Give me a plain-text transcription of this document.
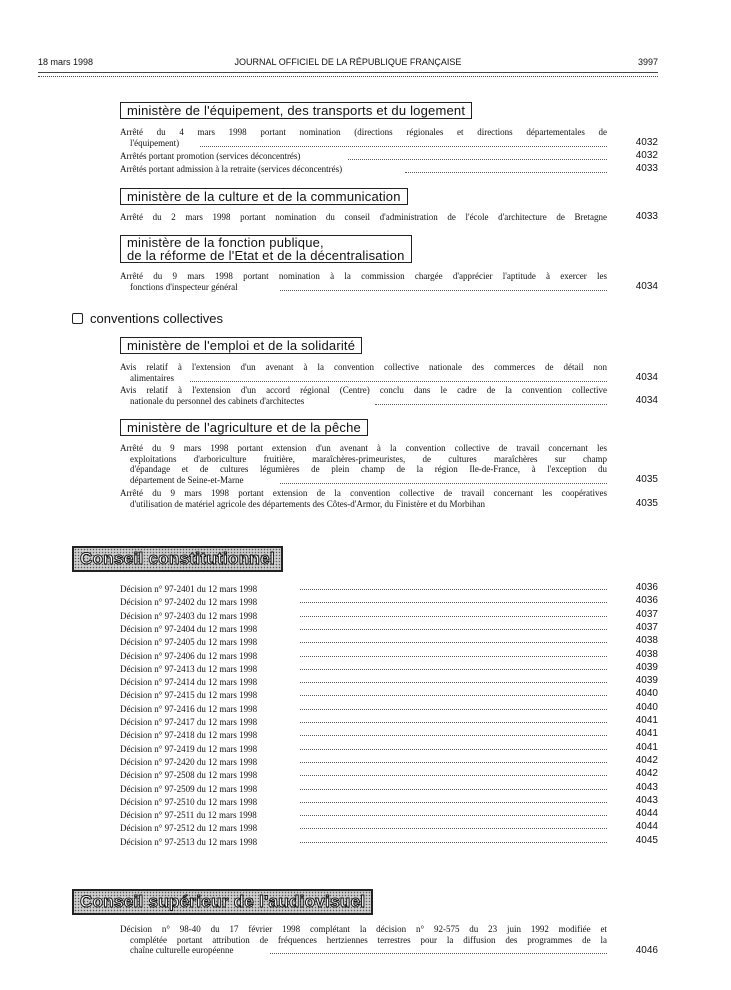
18 mars 1998	JOURNAL OFFICIEL DE LA RÉPUBLIQUE FRANÇAISE	3997
ministère de l'équipement, des transports et du logement
Arrêté du 4 mars 1998 portant nomination (directions régionales et directions départementales de
l'équipement)	4032
Arrêtés portant promotion (services déconcentrés)	4032
Arrêtés portant admission à la retraite (services déconcentrés)	4033
ministère de la culture et de la communication
Arrêté du 2 mars 1998 portant nomination du conseil d'administration de l'école d'architecture de Bretagne	4033
ministère de la fonction publique,
de la réforme de l'Etat et de la décentralisation
Arrêté du 9 mars 1998 portant nomination à la commission chargée d'apprécier l'aptitude à exercer les
fonctions d'inspecteur général	4034
conventions collectives
ministère de l'emploi et de la solidarité
Avis relatif à l'extension d'un avenant à la convention collective nationale des commerces de détail non
alimentaires	4034
Avis relatif à l'extension d'un accord régional (Centre) conclu dans le cadre de la convention collective
nationale du personnel des cabinets d'architectes	4034
ministère de l'agriculture et de la pêche
Arrêté du 9 mars 1998 portant extension d'un avenant à la convention collective de travail concernant les
exploitations d'arboriculture fruitière, maraîchères-primeuristes, de cultures maraîchères sur champ
d'épandage et de cultures légumières de plein champ de la région Ile-de-France, à l'exception du
département de Seine-et-Marne	4035
Arrêté du 9 mars 1998 portant extension de la convention collective de travail concernant les coopératives
d'utilisation de matériel agricole des départements des Côtes-d'Armor, du Finistère et du Morbihan	4035
Conseil constitutionnel
Décision n° 97-2401 du 12 mars 1998	4036
Décision n° 97-2402 du 12 mars 1998	4036
Décision n° 97-2403 du 12 mars 1998	4037
Décision n° 97-2404 du 12 mars 1998	4037
Décision n° 97-2405 du 12 mars 1998	4038
Décision n° 97-2406 du 12 mars 1998	4038
Décision n° 97-2413 du 12 mars 1998	4039
Décision n° 97-2414 du 12 mars 1998	4039
Décision n° 97-2415 du 12 mars 1998	4040
Décision n° 97-2416 du 12 mars 1998	4040
Décision n° 97-2417 du 12 mars 1998	4041
Décision n° 97-2418 du 12 mars 1998	4041
Décision n° 97-2419 du 12 mars 1998	4041
Décision n° 97-2420 du 12 mars 1998	4042
Décision n° 97-2508 du 12 mars 1998	4042
Décision n° 97-2509 du 12 mars 1998	4043
Décision n° 97-2510 du 12 mars 1998	4043
Décision n° 97-2511 du 12 mars 1998	4044
Décision n° 97-2512 du 12 mars 1998	4044
Décision n° 97-2513 du 12 mars 1998	4045
Conseil supérieur de l'audiovisuel
Décision n° 98-40 du 17 février 1998 complétant la décision n° 92-575 du 23 juin 1992 modifiée et
complétée portant attribution de fréquences hertziennes terrestres pour la diffusion des programmes de la
chaîne culturelle européenne	4046
